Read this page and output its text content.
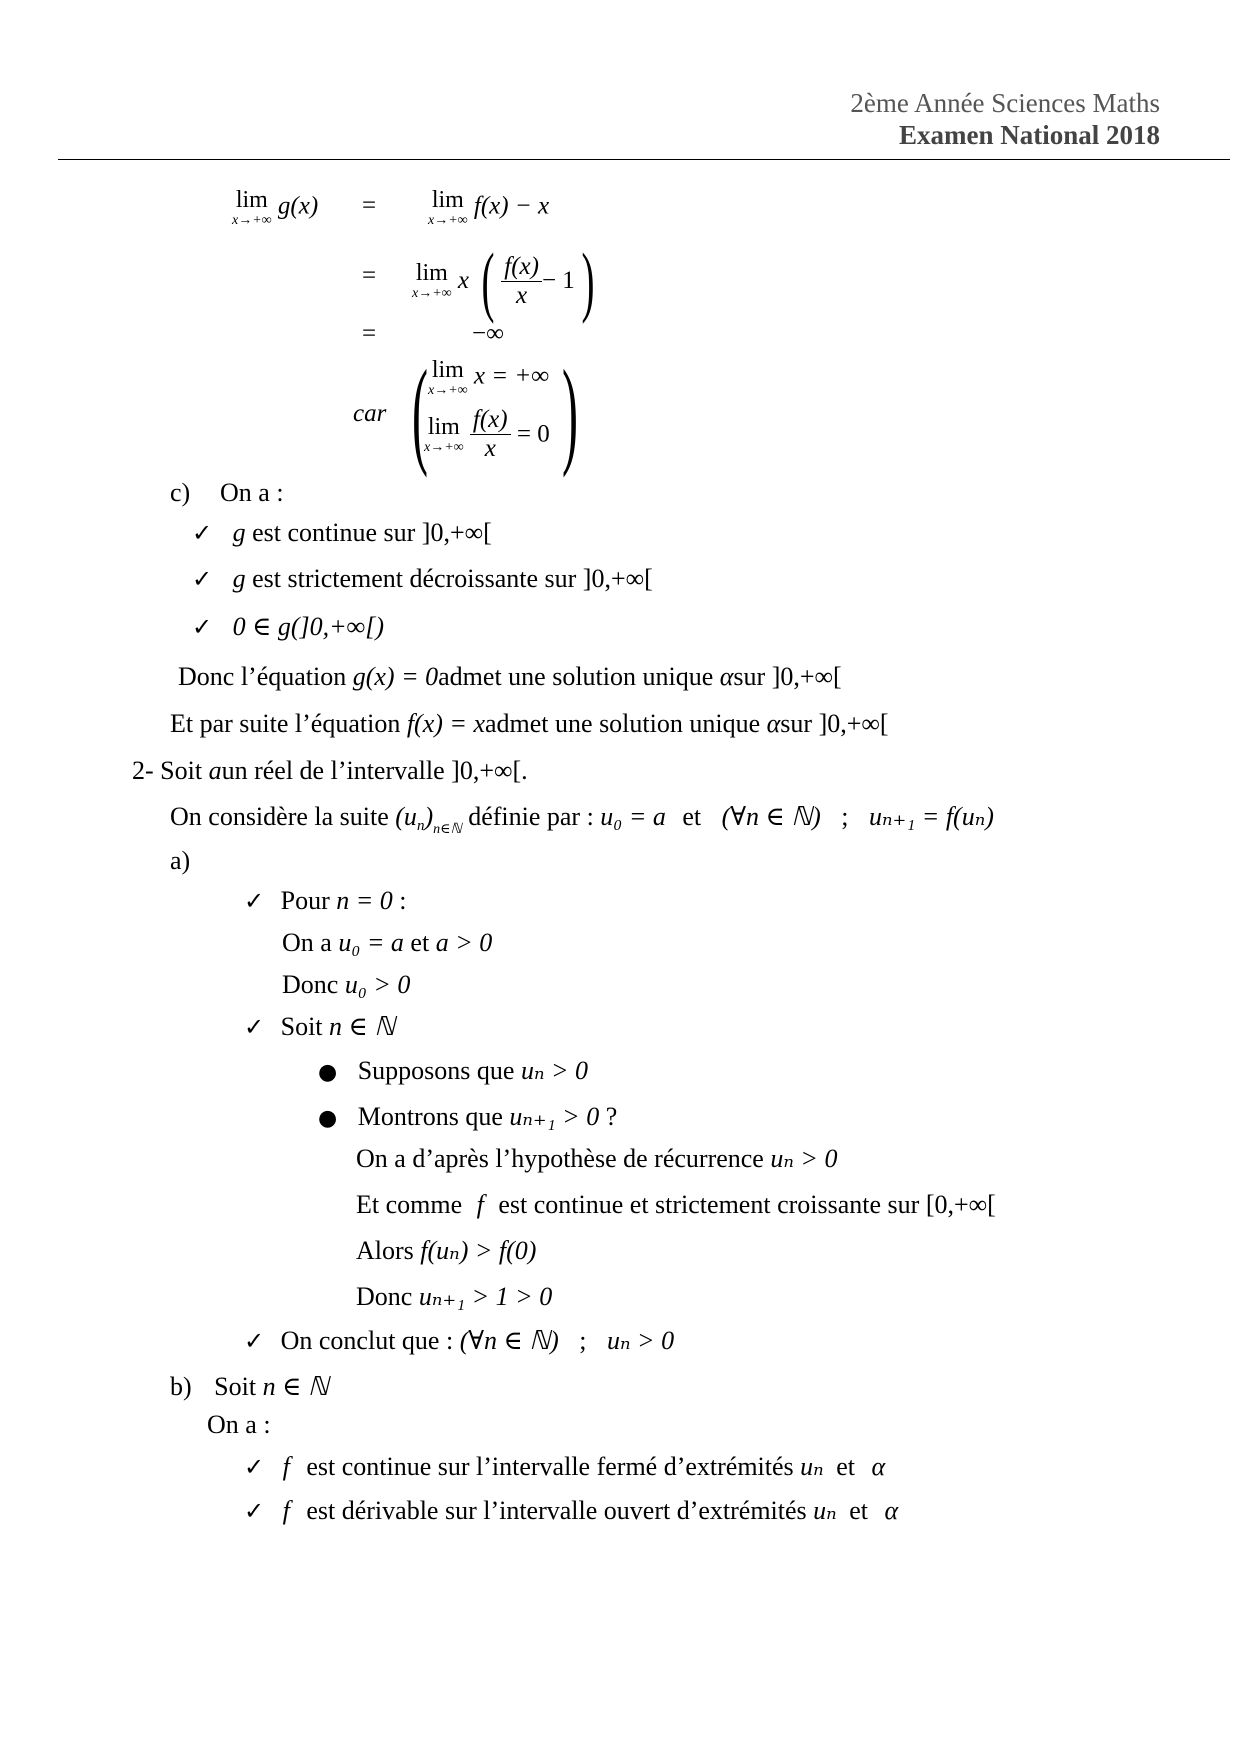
2ème Année Sciences Maths
Examen National 2018
lim
x→+∞
g(x) = lim
x→+∞
f(x) − x
= lim
x→+∞ x ( $\frac{f(x)}{x} - 1$)
=	−∞
car ( )
lim
x→+∞
x = +∞
lim
x→+∞
$\frac{f(x)}{x} = 0$
c) On a :
✓ g est continue sur ]0,+∞[
✓ g est strictement décroissante sur ]0,+∞[
✓ 0 ∈ g(]0,+∞[)
Donc l’équation g(x) = 0admet une solution unique αsur ]0,+∞[
Et par suite l’équation f(x) = xadmet une solution unique αsur ]0,+∞[
2- Soit aun réel de l’intervalle ]0,+∞[.
On considère la suite $(u_n)_{n\in ℕ}$ définie par : u₀ = a et (∀n ∈ ℕ) ; uₙ₊₁ = f(uₙ)
a)
✓ Pour n = 0 :
On a u₀ = a et a > 0
Donc u₀ > 0
✓ Soit n ∈ ℕ
● Supposons que uₙ > 0
● Montrons que uₙ₊₁ > 0 ?
On a d’après l’hypothèse de récurrence uₙ > 0
Et comme f est continue et strictement croissante sur [0,+∞[
Alors f(uₙ) > f(0)
Donc uₙ₊₁ > 1 > 0
✓ On conclut que : (∀n ∈ ℕ) ; uₙ > 0
b) Soit n ∈ ℕ
On a :
✓ f est continue sur l’intervalle fermé d’extrémités uₙ et α
✓ f est dérivable sur l’intervalle ouvert d’extrémités uₙ et α
